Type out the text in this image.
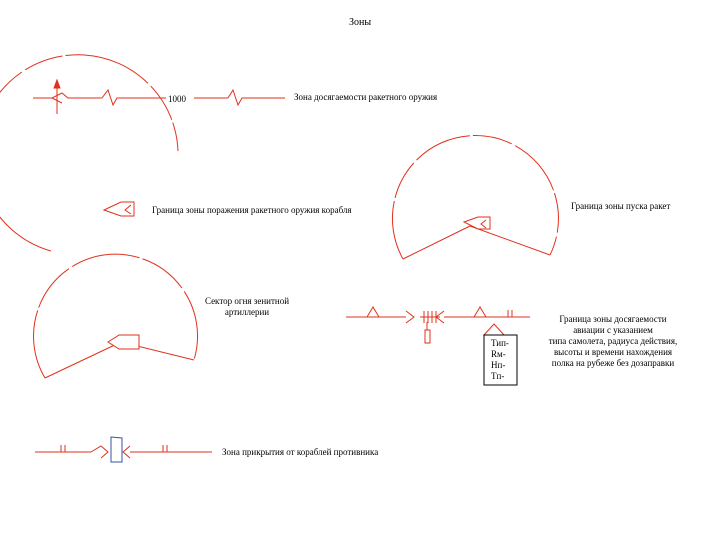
Зоны
1000	Зона досягаемости ракетного оружия
Граница зоны поражения ракетного оружия корабля	Граница зоны пуска ракет
Сектор огня зенитной
артиллерии
Тип-
Rм-
Hп-
Tп-
Граница зоны досягаемости
авиации с указанием
типа самолета, радиуса действия,
высоты и времени нахождения
полка на рубеже без дозаправки
Зона прикрытия от кораблей противника
